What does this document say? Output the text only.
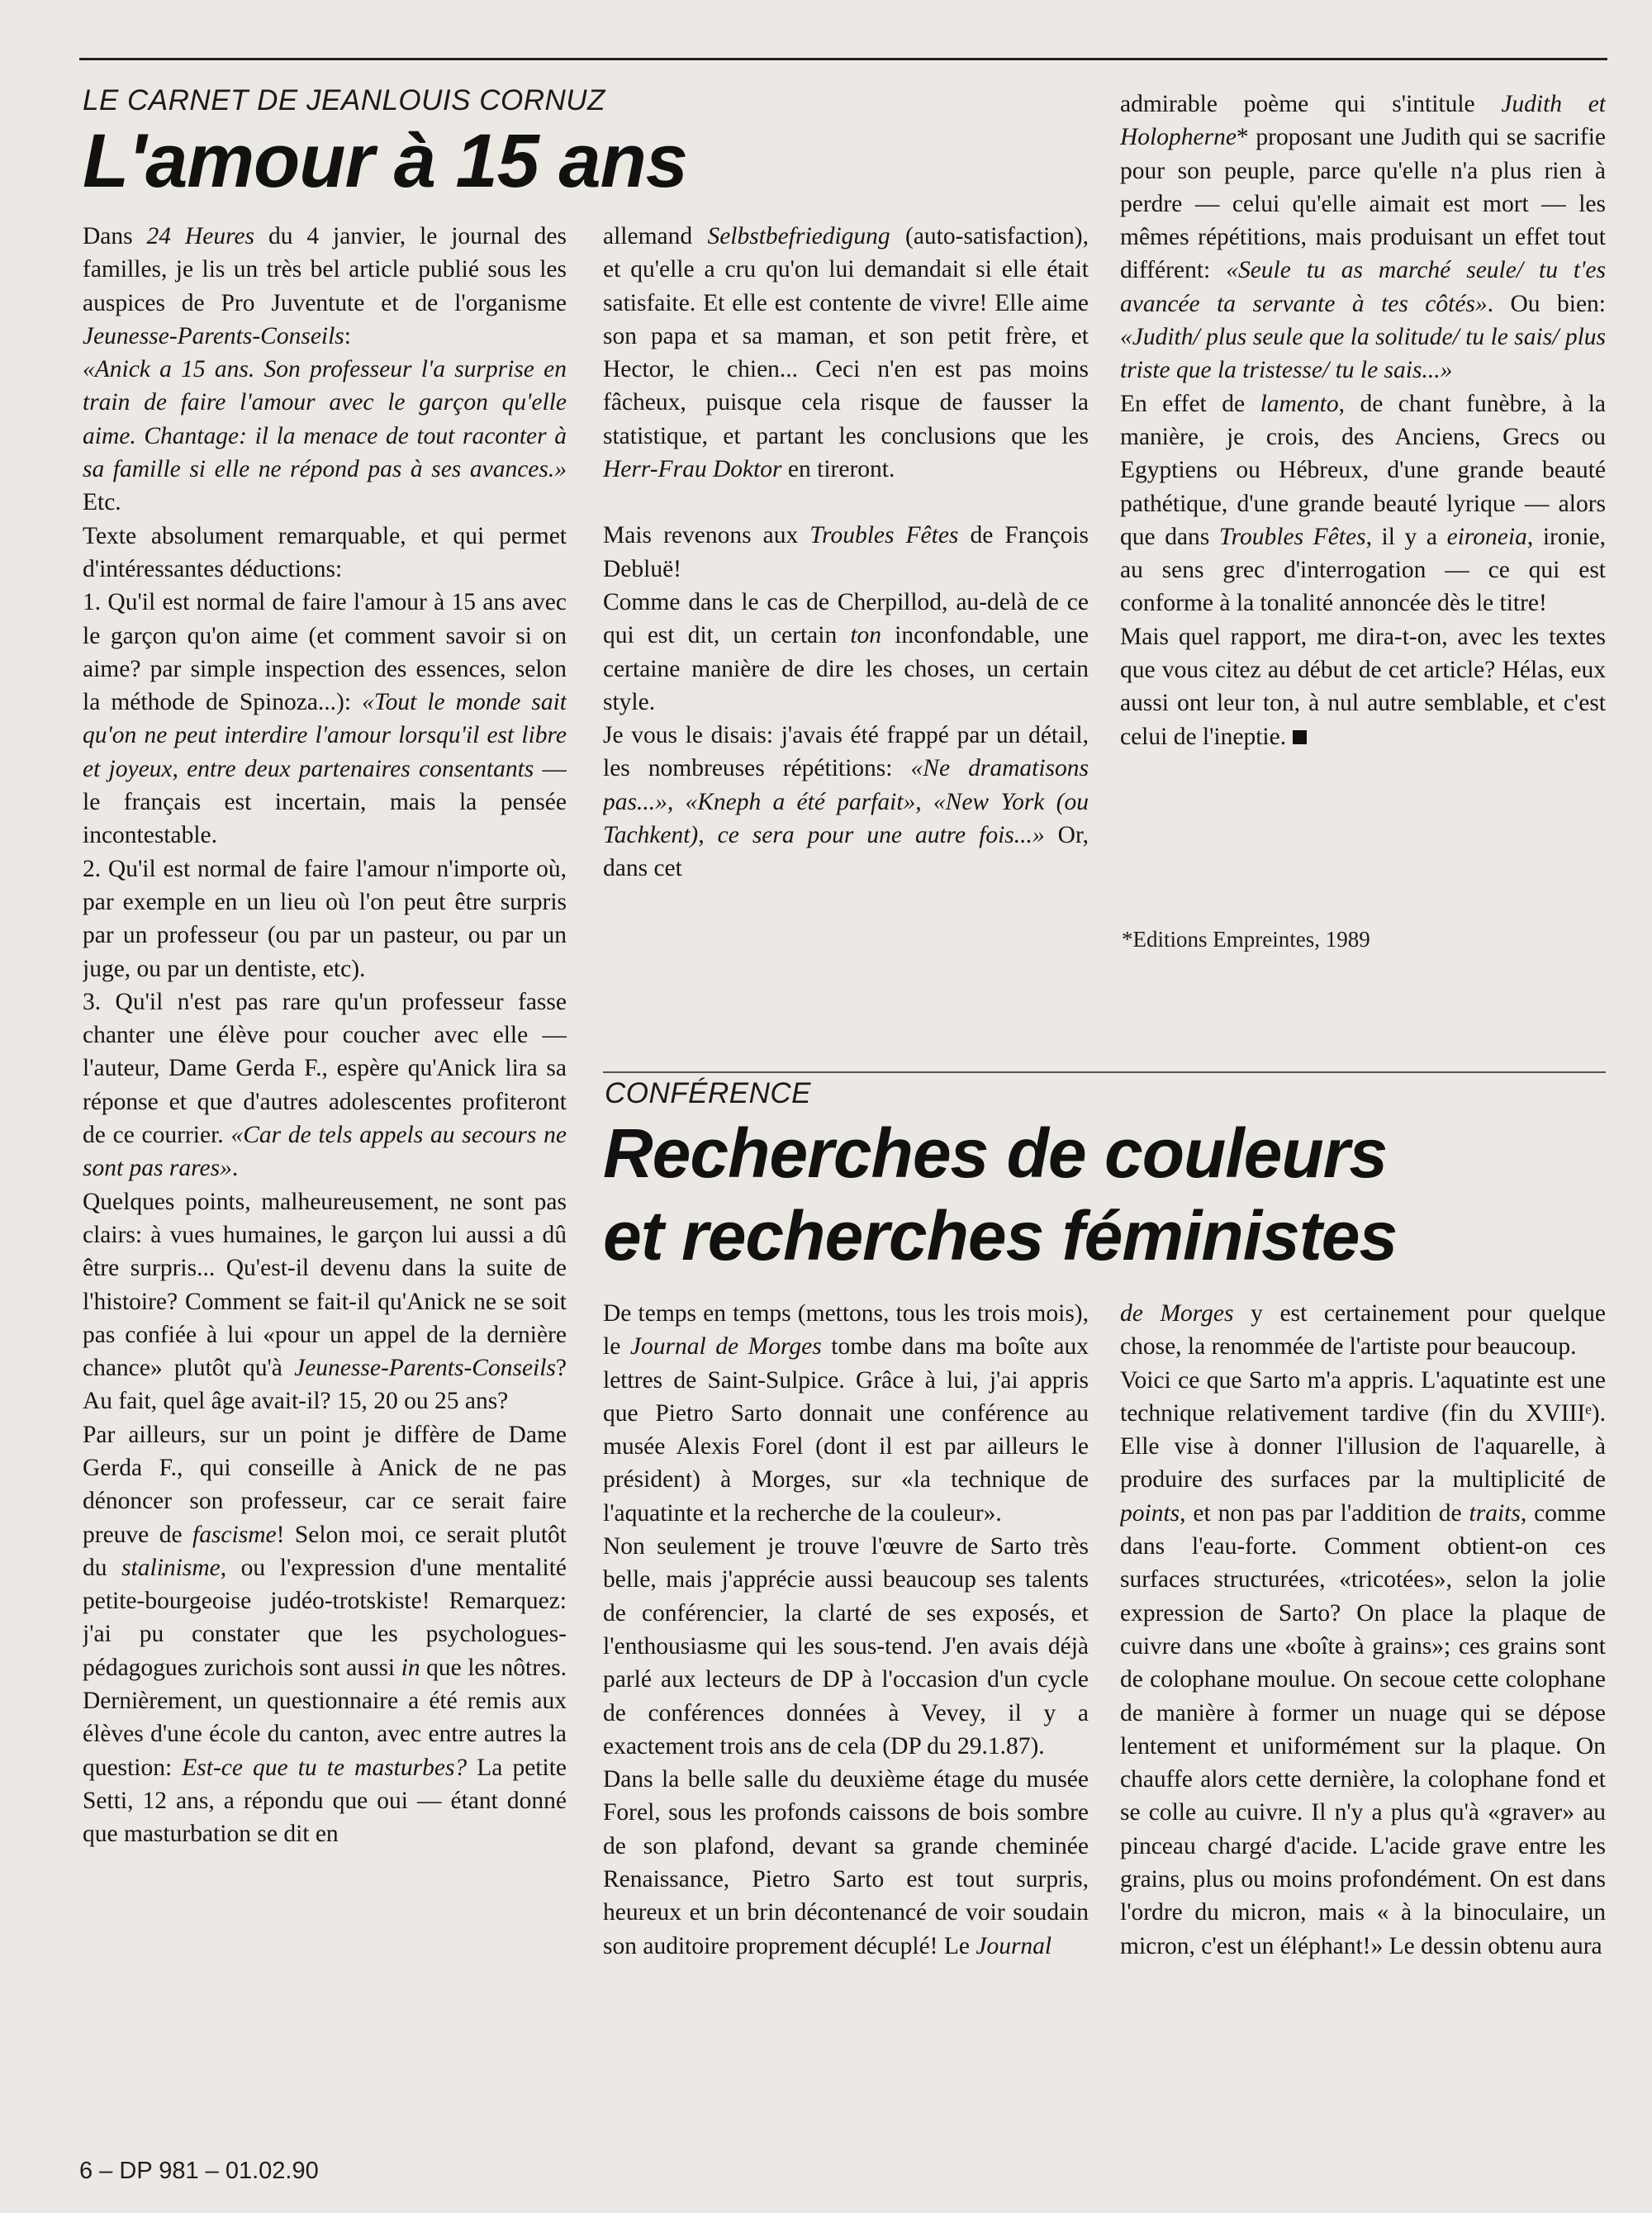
LE CARNET DE JEANLOUIS CORNUZ

L'amour à 15 ans

Dans 24 Heures du 4 janvier, le journal des familles, je lis un très bel article publié sous les auspices de Pro Juventute et de l'organisme Jeunesse-Parents-Conseils:

«Anick a 15 ans. Son professeur l'a surprise en train de faire l'amour avec le garçon qu'elle aime. Chantage: il la menace de tout raconter à sa famille si elle ne répond pas à ses avances.» Etc.

Texte absolument remarquable, et qui permet d'intéressantes déductions:

1. Qu'il est normal de faire l'amour à 15 ans avec le garçon qu'on aime (et comment savoir si on aime? par simple inspection des essences, selon la méthode de Spinoza...): «Tout le monde sait qu'on ne peut interdire l'amour lorsqu'il est libre et joyeux, entre deux partenaires consentants — le français est incertain, mais la pensée incontestable.

2. Qu'il est normal de faire l'amour n'importe où, par exemple en un lieu où l'on peut être surpris par un professeur (ou par un pasteur, ou par un juge, ou par un dentiste, etc).

3. Qu'il n'est pas rare qu'un professeur fasse chanter une élève pour coucher avec elle — l'auteur, Dame Gerda F., espère qu'Anick lira sa réponse et que d'autres adolescentes profiteront de ce courrier. «Car de tels appels au secours ne sont pas rares».

Quelques points, malheureusement, ne sont pas clairs: à vues humaines, le garçon lui aussi a dû être surpris... Qu'est-il devenu dans la suite de l'histoire? Comment se fait-il qu'Anick ne se soit pas confiée à lui «pour un appel de la dernière chance» plutôt qu'à Jeunesse-Parents-Conseils? Au fait, quel âge avait-il? 15, 20 ou 25 ans?

Par ailleurs, sur un point je diffère de Dame Gerda F., qui conseille à Anick de ne pas dénoncer son professeur, car ce serait faire preuve de fascisme! Selon moi, ce serait plutôt du stalinisme, ou l'expression d'une mentalité petite-bourgeoise judéo-trotskiste! Remarquez: j'ai pu constater que les psychologues-pédagogues zurichois sont aussi in que les nôtres. Dernièrement, un questionnaire a été remis aux élèves d'une école du canton, avec entre autres la question: Est-ce que tu te masturbes? La petite Setti, 12 ans, a répondu que oui — étant donné que masturbation se dit en

allemand Selbstbefriedigung (auto-satisfaction), et qu'elle a cru qu'on lui demandait si elle était satisfaite. Et elle est contente de vivre! Elle aime son papa et sa maman, et son petit frère, et Hector, le chien... Ceci n'en est pas moins fâcheux, puisque cela risque de fausser la statistique, et partant les conclusions que les Herr-Frau Doktor en tireront.

Mais revenons aux Troubles Fêtes de François Debluë!

Comme dans le cas de Cherpillod, au-delà de ce qui est dit, un certain ton inconfondable, une certaine manière de dire les choses, un certain style.

Je vous le disais: j'avais été frappé par un détail, les nombreuses répétitions: «Ne dramatisons pas...», «Kneph a été parfait», «New York (ou Tachkent), ce sera pour une autre fois...» Or, dans cet

admirable poème qui s'intitule Judith et Holopherne* proposant une Judith qui se sacrifie pour son peuple, parce qu'elle n'a plus rien à perdre — celui qu'elle aimait est mort — les mêmes répétitions, mais produisant un effet tout différent: «Seule tu as marché seule/ tu t'es avancée ta servante à tes côtés». Ou bien: «Judith/ plus seule que la solitude/ tu le sais/ plus triste que la tristesse/ tu le sais...»

En effet de lamento, de chant funèbre, à la manière, je crois, des Anciens, Grecs ou Egyptiens ou Hébreux, d'une grande beauté pathétique, d'une grande beauté lyrique — alors que dans Troubles Fêtes, il y a eironeia, ironie, au sens grec d'interrogation — ce qui est conforme à la tonalité annoncée dès le titre!

Mais quel rapport, me dira-t-on, avec les textes que vous citez au début de cet article? Hélas, eux aussi ont leur ton, à nul autre semblable, et c'est celui de l'ineptie.

*Editions Empreintes, 1989

CONFÉRENCE

Recherches de couleurs
et recherches féministes

De temps en temps (mettons, tous les trois mois), le Journal de Morges tombe dans ma boîte aux lettres de Saint-Sulpice. Grâce à lui, j'ai appris que Pietro Sarto donnait une conférence au musée Alexis Forel (dont il est par ailleurs le président) à Morges, sur «la technique de l'aquatinte et la recherche de la couleur».

Non seulement je trouve l'œuvre de Sarto très belle, mais j'apprécie aussi beaucoup ses talents de conférencier, la clarté de ses exposés, et l'enthousiasme qui les sous-tend. J'en avais déjà parlé aux lecteurs de DP à l'occasion d'un cycle de conférences données à Vevey, il y a exactement trois ans de cela (DP du 29.1.87).

Dans la belle salle du deuxième étage du musée Forel, sous les profonds caissons de bois sombre de son plafond, devant sa grande cheminée Renaissance, Pietro Sarto est tout surpris, heureux et un brin décontenancé de voir soudain son auditoire proprement décuplé! Le Journal

de Morges y est certainement pour quelque chose, la renommée de l'artiste pour beaucoup.

Voici ce que Sarto m'a appris. L'aquatinte est une technique relativement tardive (fin du XVIIIᵉ). Elle vise à donner l'illusion de l'aquarelle, à produire des surfaces par la multiplicité de points, et non pas par l'addition de traits, comme dans l'eau-forte. Comment obtient-on ces surfaces structurées, «tricotées», selon la jolie expression de Sarto? On place la plaque de cuivre dans une «boîte à grains»; ces grains sont de colophane moulue. On secoue cette colophane de manière à former un nuage qui se dépose lentement et uniformément sur la plaque. On chauffe alors cette dernière, la colophane fond et se colle au cuivre. Il n'y a plus qu'à «graver» au pinceau chargé d'acide. L'acide grave entre les grains, plus ou moins profondément. On est dans l'ordre du micron, mais « à la binoculaire, un micron, c'est un éléphant!» Le dessin obtenu aura

6 – DP 981 – 01.02.90
